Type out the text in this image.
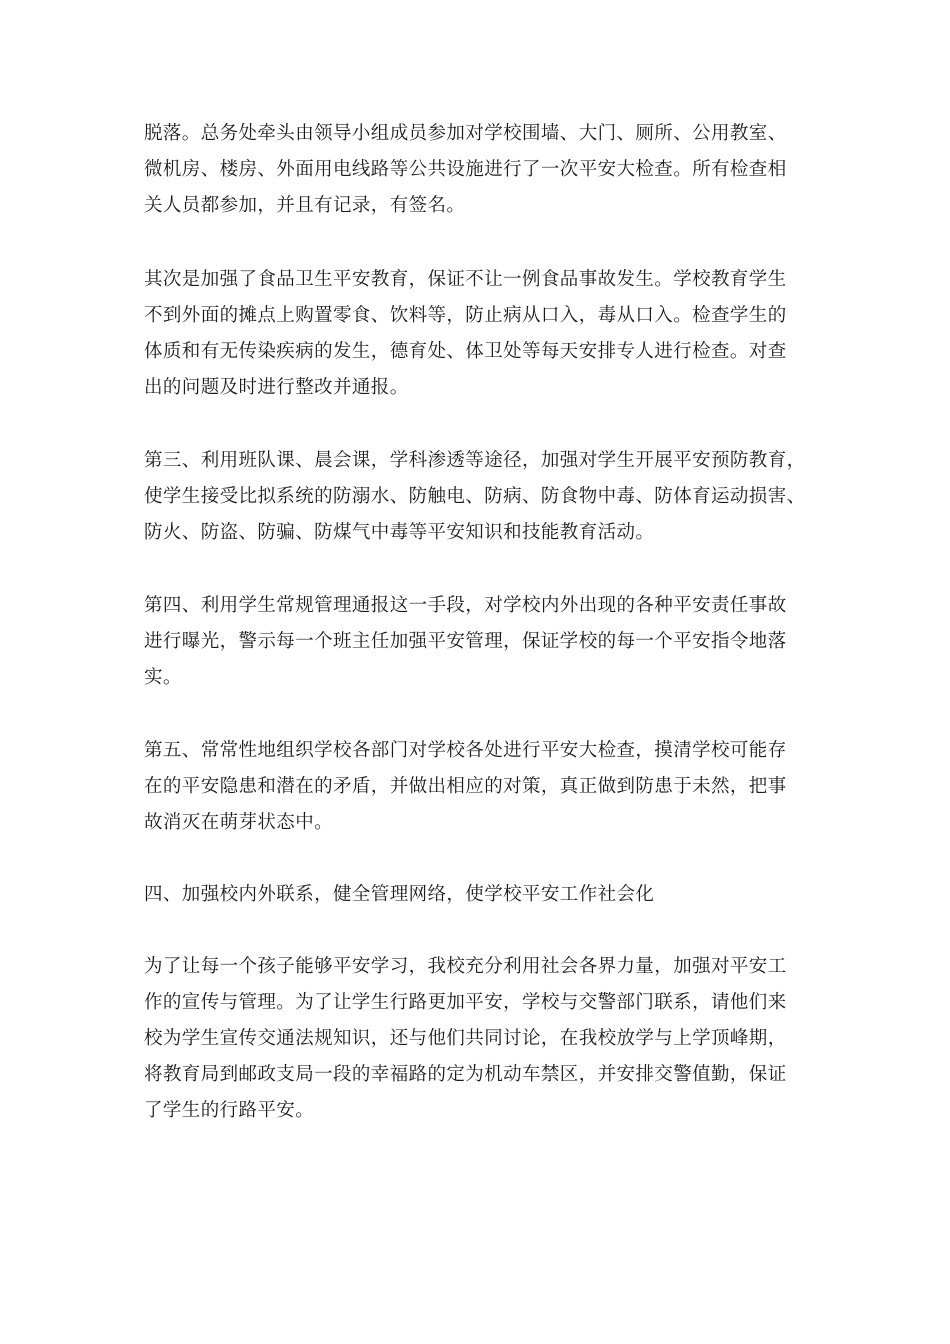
脱落。总务处牵头由领导小组成员参加对学校围墙、大门、厕所、公用教室、
微机房、楼房、外面用电线路等公共设施进行了一次平安大检查。所有检查相
关人员都参加，并且有记录，有签名。
其次是加强了食品卫生平安教育，保证不让一例食品事故发生。学校教育学生
不到外面的摊点上购置零食、饮料等，防止病从口入，毒从口入。检查学生的
体质和有无传染疾病的发生，德育处、体卫处等每天安排专人进行检查。对查
出的问题及时进行整改并通报。
第三、利用班队课、晨会课，学科渗透等途径，加强对学生开展平安预防教育，
使学生接受比拟系统的防溺水、防触电、防病、防食物中毒、防体育运动损害、
防火、防盗、防骗、防煤气中毒等平安知识和技能教育活动。
第四、利用学生常规管理通报这一手段，对学校内外出现的各种平安责任事故
进行曝光，警示每一个班主任加强平安管理，保证学校的每一个平安指令地落
实。
第五、常常性地组织学校各部门对学校各处进行平安大检查，摸清学校可能存
在的平安隐患和潜在的矛盾，并做出相应的对策，真正做到防患于未然，把事
故消灭在萌芽状态中。
四、加强校内外联系，健全管理网络，使学校平安工作社会化
为了让每一个孩子能够平安学习，我校充分利用社会各界力量，加强对平安工
作的宣传与管理。为了让学生行路更加平安，学校与交警部门联系，请他们来
校为学生宣传交通法规知识，还与他们共同讨论，在我校放学与上学顶峰期，
将教育局到邮政支局一段的幸福路的定为机动车禁区，并安排交警值勤，保证
了学生的行路平安。
